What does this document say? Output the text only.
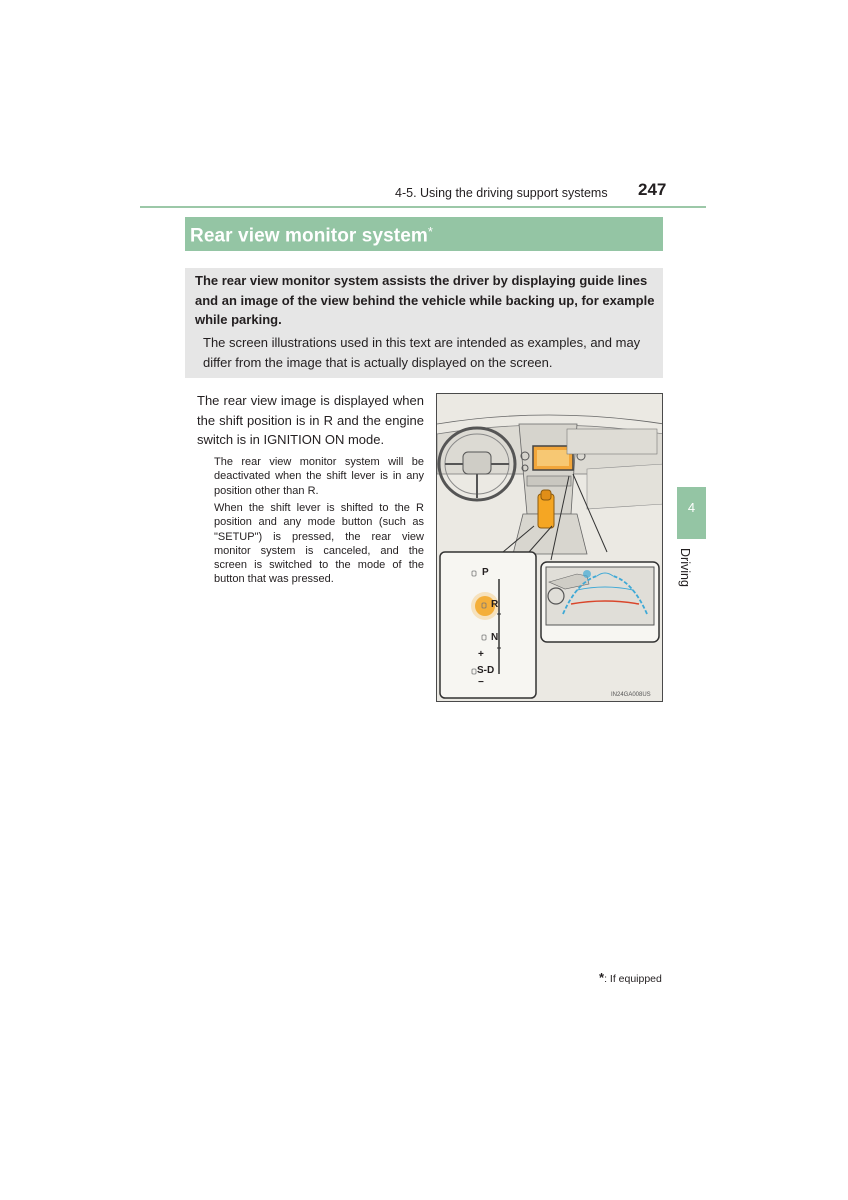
4-5. Using the driving support systems 247
Rear view monitor system*
The rear view monitor system assists the driver by displaying guide lines and an image of the view behind the vehicle while backing up, for example while parking.
The screen illustrations used in this text are intended as examples, and may differ from the image that is actually displayed on the screen.
The rear view image is displayed when the shift position is in R and the engine switch is in IGNITION ON mode.
The rear view monitor system will be deactivated when the shift lever is in any position other than R.
When the shift lever is shifted to the R position and any mode button (such as "SETUP") is pressed, the rear view monitor system is canceled, and the screen is switched to the mode of the button that was pressed.
P
R
N
+
S-D
−
IN24GA008US
4
Driving
*: If equipped
